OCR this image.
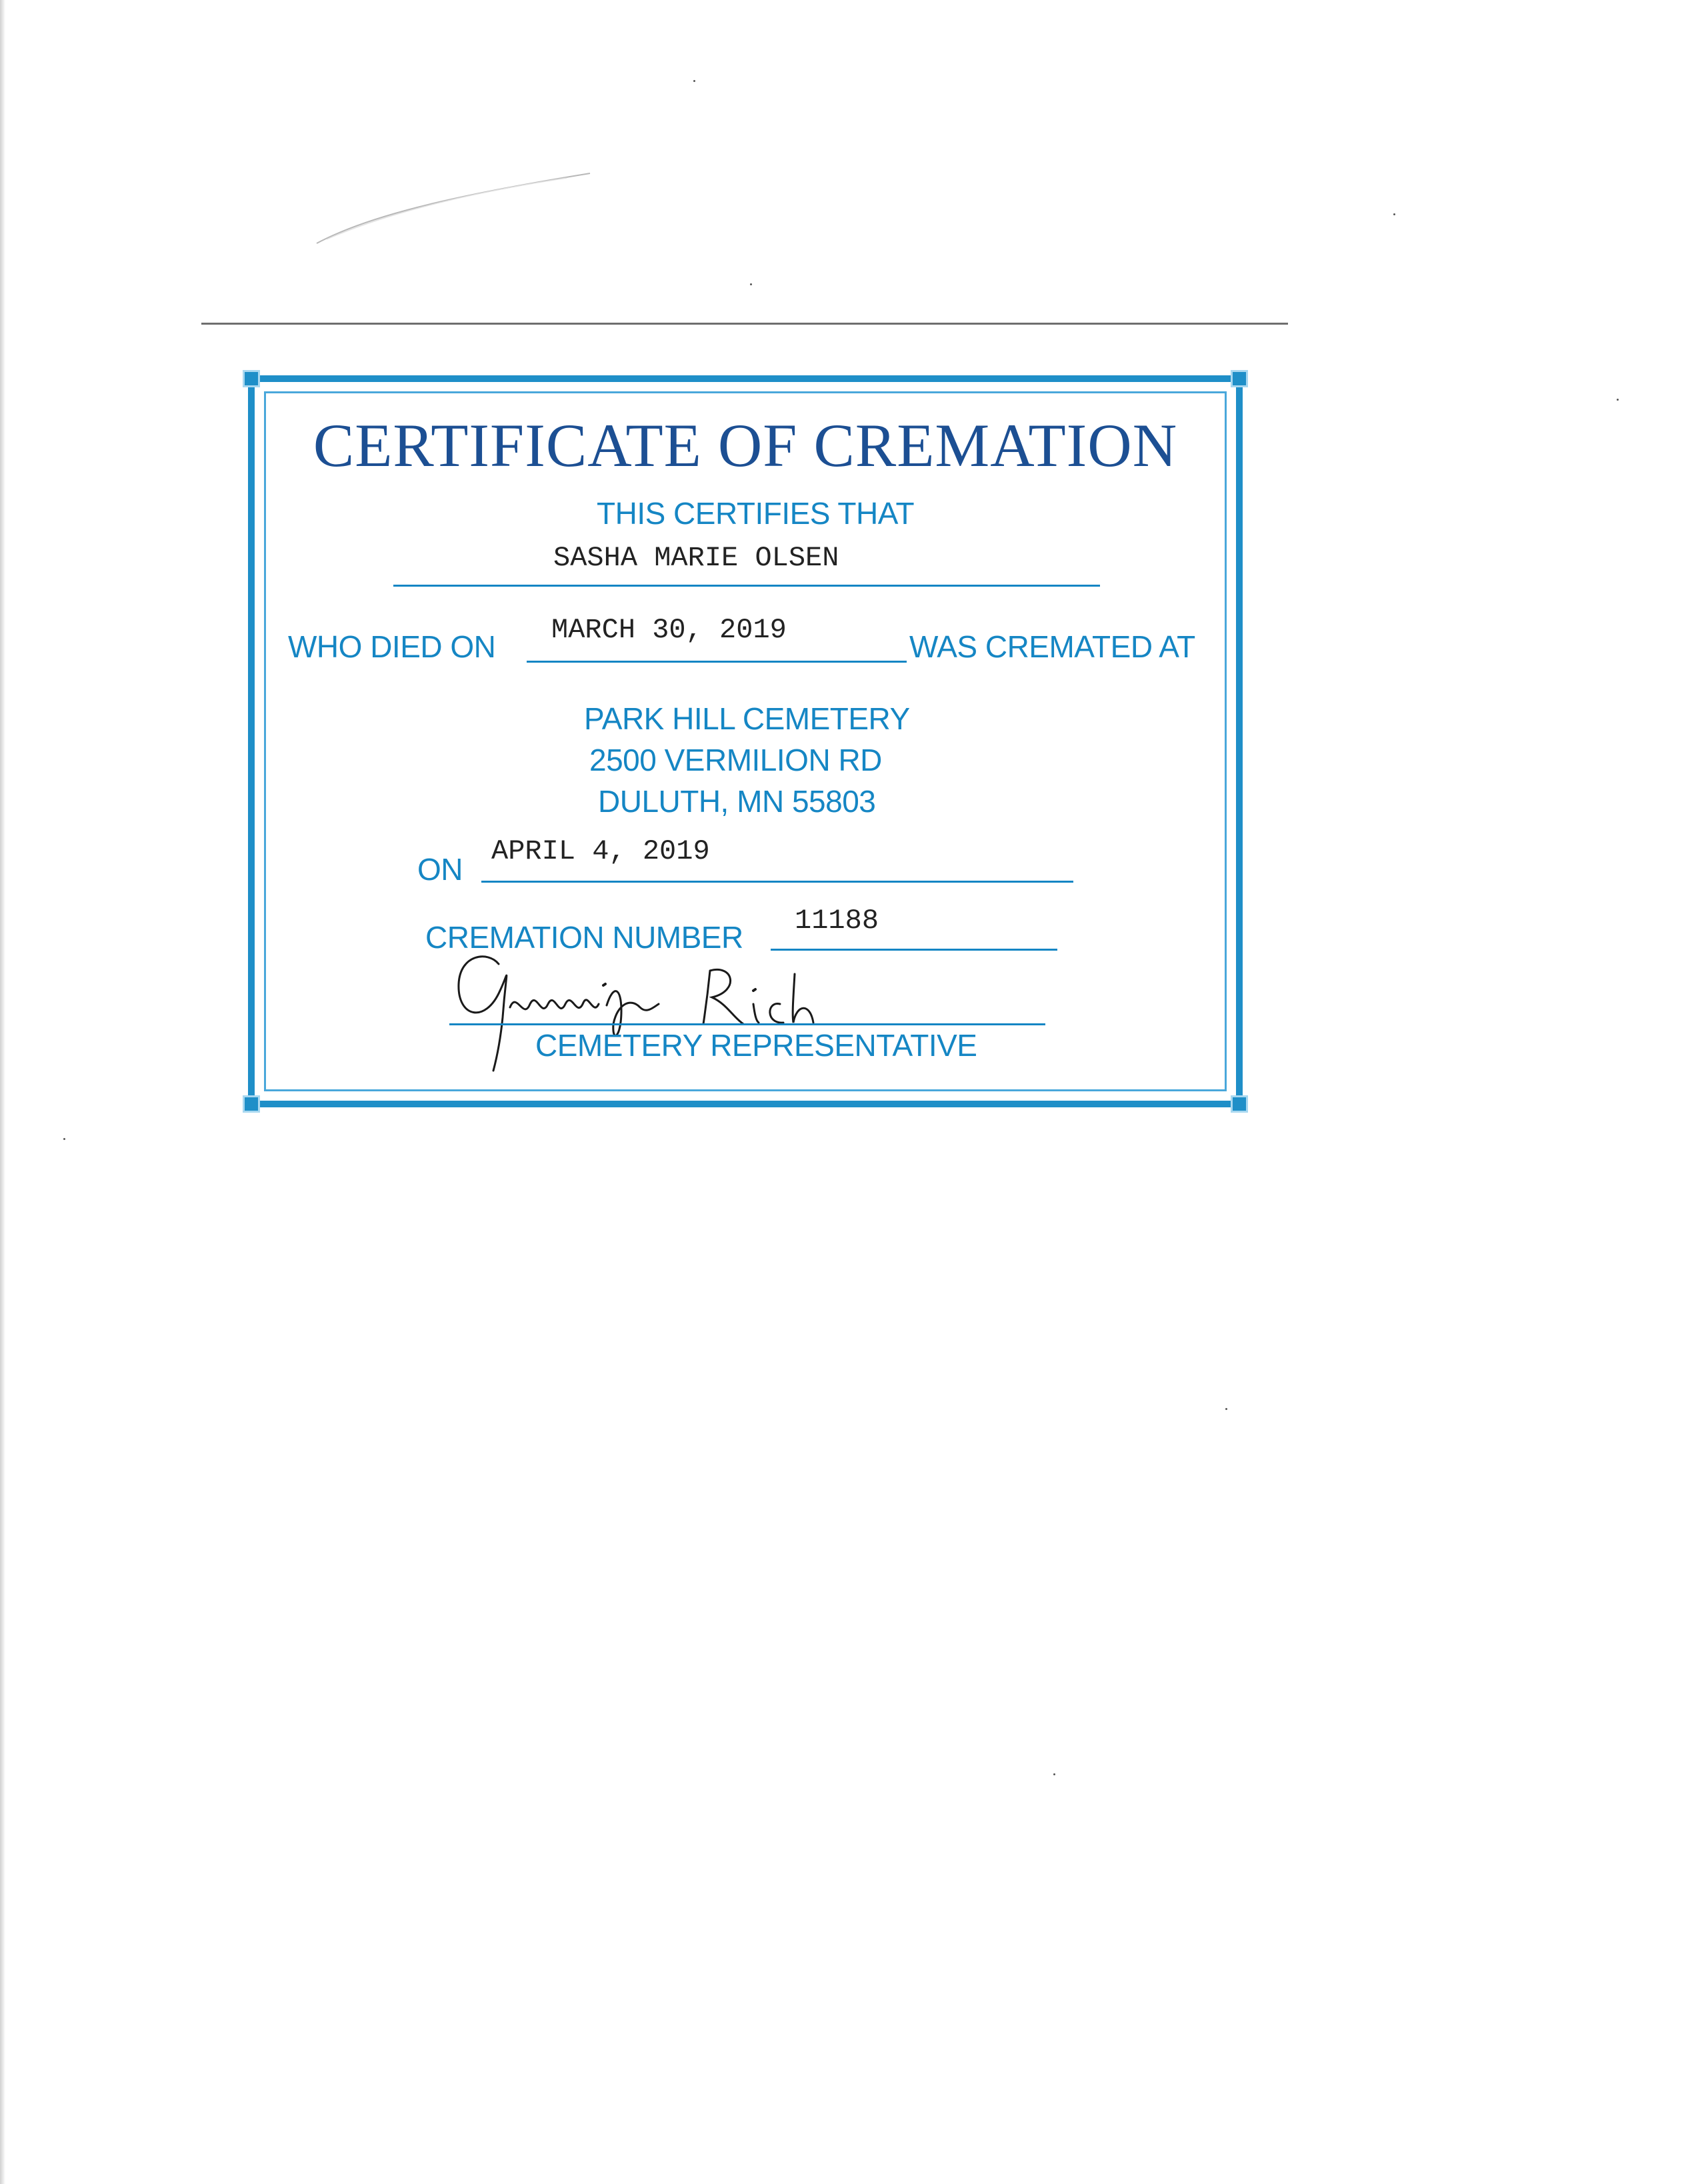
CERTIFICATE OF CREMATION
THIS CERTIFIES THAT
SASHA MARIE OLSEN
WHO DIED ON MARCH 30, 2019	WAS CREMATED AT
PARK HILL CEMETERY
2500 VERMILION RD
DULUTH, MN 55803
ON
APRIL 4, 2019
CREMATION NUMBER 11188
CEMETERY REPRESENTATIVE
